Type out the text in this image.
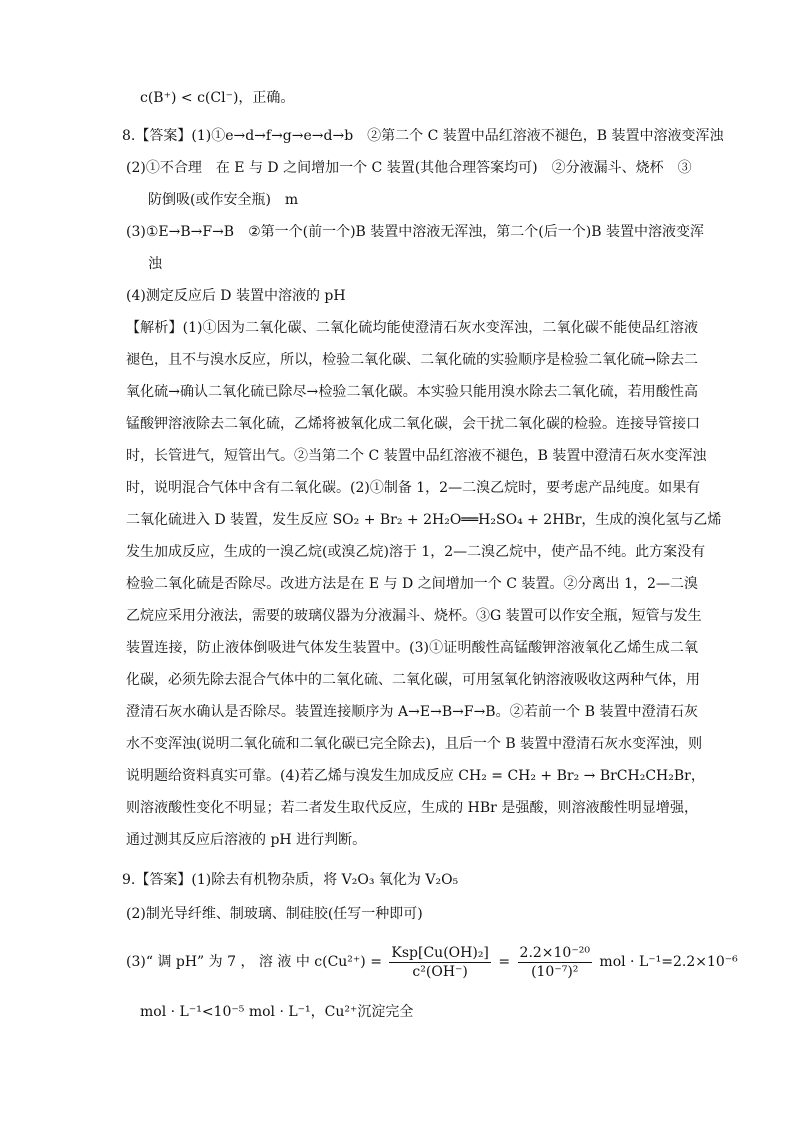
c(B⁺) < c(Cl⁻)，正确。
8.【答案】(1)①e→d→f→g→e→d→b　②第二个 C 装置中品红溶液不褪色，B 装置中溶液变浑浊
(2)①不合理　在 E 与 D 之间增加一个 C 装置(其他合理答案均可)　②分液漏斗、烧杯　③
防倒吸(或作安全瓶)　m
(3)①E→B→F→B　②第一个(前一个)B 装置中溶液无浑浊，第二个(后一个)B 装置中溶液变浑
浊
(4)测定反应后 D 装置中溶液的 pH
【解析】(1)①因为二氧化碳、二氧化硫均能使澄清石灰水变浑浊，二氧化碳不能使品红溶液
褪色，且不与溴水反应，所以，检验二氧化碳、二氧化硫的实验顺序是检验二氧化硫→除去二
氧化硫→确认二氧化硫已除尽→检验二氧化碳。本实验只能用溴水除去二氧化硫，若用酸性高
锰酸钾溶液除去二氧化硫，乙烯将被氧化成二氧化碳，会干扰二氧化碳的检验。连接导管接口
时，长管进气，短管出气。②当第二个 C 装置中品红溶液不褪色，B 装置中澄清石灰水变浑浊
时，说明混合气体中含有二氧化碳。(2)①制备 1，2—二溴乙烷时，要考虑产品纯度。如果有
二氧化硫进入 D 装置，发生反应 SO₂ + Br₂ + 2H₂O══H₂SO₄ + 2HBr，生成的溴化氢与乙烯
发生加成反应，生成的一溴乙烷(或溴乙烷)溶于 1，2—二溴乙烷中，使产品不纯。此方案没有
检验二氧化硫是否除尽。改进方法是在 E 与 D 之间增加一个 C 装置。②分离出 1，2—二溴
乙烷应采用分液法，需要的玻璃仪器为分液漏斗、烧杯。③G 装置可以作安全瓶，短管与发生
装置连接，防止液体倒吸进气体发生装置中。(3)①证明酸性高锰酸钾溶液氧化乙烯生成二氧
化碳，必须先除去混合气体中的二氧化硫、二氧化碳，可用氢氧化钠溶液吸收这两种气体，用
澄清石灰水确认是否除尽。装置连接顺序为 A→E→B→F→B。②若前一个 B 装置中澄清石灰
水不变浑浊(说明二氧化硫和二氧化碳已完全除去)，且后一个 B 装置中澄清石灰水变浑浊，则
说明题给资料真实可靠。(4)若乙烯与溴发生加成反应 CH₂ = CH₂ + Br₂ → BrCH₂CH₂Br，
则溶液酸性变化不明显；若二者发生取代反应，生成的 HBr 是强酸，则溶液酸性明显增强，
通过测其反应后溶液的 pH 进行判断。
9.【答案】(1)除去有机物杂质，将 V₂O₃ 氧化为 V₂O₅
(2)制光导纤维、制玻璃、制硅胶(任写一种即可)
(3)“ 调 pH” 为 7 ， 溶 液 中 $c(Cu^{2+}) = \frac{\text{Ksp[Cu(OH)₂]}}{\text{c²(OH⁻)}} = \frac{\text{2.2×10⁻²⁰}}{\text{(10⁻⁷)²}}$ mol · L⁻¹=2.2×10⁻⁶
mol · L⁻¹<10⁻⁵ mol · L⁻¹，Cu²⁺沉淀完全
